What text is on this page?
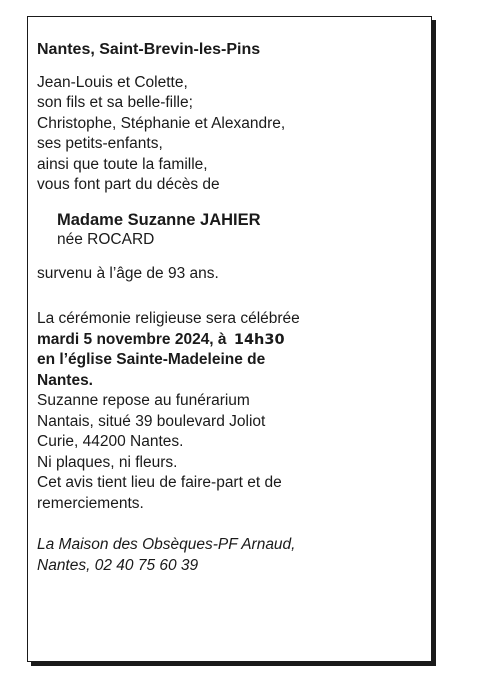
Nantes, Saint-Brevin-les-Pins

Jean-Louis et Colette,

son fils et sa belle-fille;

Christophe, Stéphanie et Alexandre,

ses petits-enfants,

ainsi que toute la famille,

vous font part du décès de

Madame Suzanne JAHIER

née ROCARD

survenu à l’âge de 93 ans.

La cérémonie religieuse sera célébrée

mardi 5 novembre 2024, à 14h30

en l’église Sainte-Madeleine de

Nantes.

Suzanne repose au funérarium

Nantais, situé 39 boulevard Joliot

Curie, 44200 Nantes.

Ni plaques, ni fleurs.

Cet avis tient lieu de faire-part et de

remerciements.

La Maison des Obsèques-PF Arnaud,

Nantes, 02 40 75 60 39
